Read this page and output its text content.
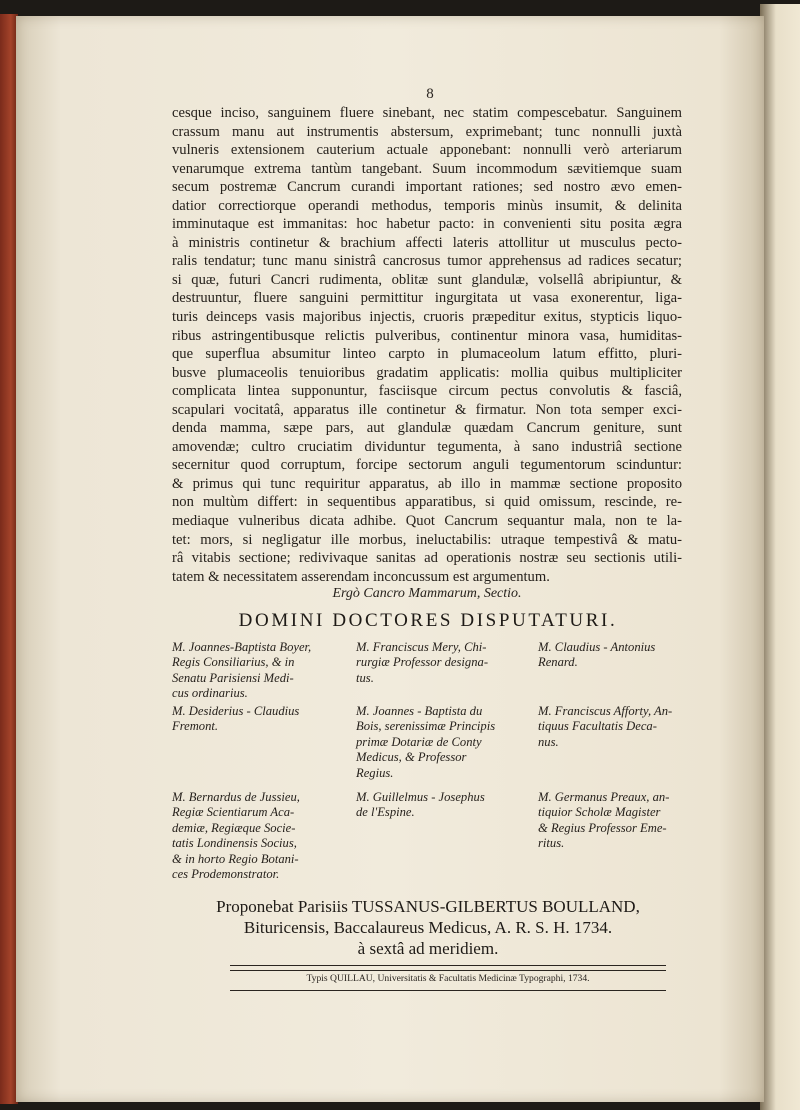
8
cesque inciso, sanguinem fluere sinebant, nec statim compescebatur. Sanguinem
crassum manu aut instrumentis abstersum, exprimebant; tunc nonnulli juxtà
vulneris extensionem cauterium actuale apponebant: nonnulli verò arteriarum
venarumque extrema tantùm tangebant. Suum incommodum sævitiemque suam
secum postremæ Cancrum curandi important rationes; sed nostro ævo emen-
datior correctiorque operandi methodus, temporis minùs insumit, & delinita
imminutaque est immanitas: hoc habetur pacto: in convenienti situ posita ægra
à ministris continetur & brachium affecti lateris attollitur ut musculus pecto-
ralis tendatur; tunc manu sinistrâ cancrosus tumor apprehensus ad radices secatur;
si quæ, futuri Cancri rudimenta, oblitæ sunt glandulæ, volsellâ abripiuntur, &
destruuntur, fluere sanguini permittitur ingurgitata ut vasa exonerentur, liga-
turis deinceps vasis majoribus injectis, cruoris præpeditur exitus, stypticis liquo-
ribus astringentibusque relictis pulveribus, continentur minora vasa, humiditas-
que superflua absumitur linteo carpto in plumaceolum latum effitto, pluri-
busve plumaceolis tenuioribus gradatim applicatis: mollia quibus multipliciter
complicata lintea supponuntur, fasciisque circum pectus convolutis & fasciâ,
scapulari vocitatâ, apparatus ille continetur & firmatur. Non tota semper exci-
denda mamma, sæpe pars, aut glandulæ quædam Cancrum geniture, sunt
amovendæ; cultro cruciatim dividuntur tegumenta, à sano industriâ sectione
secernitur quod corruptum, forcipe sectorum anguli tegumentorum scinduntur:
& primus qui tunc requiritur apparatus, ab illo in mammæ sectione proposito
non multùm differt: in sequentibus apparatibus, si quid omissum, rescinde, re-
mediaque vulneribus dicata adhibe. Quot Cancrum sequantur mala, non te la-
tet: mors, si negligatur ille morbus, ineluctabilis: utraque tempestivâ & matu-
râ vitabis sectione; redivivaque sanitas ad operationis nostræ seu sectionis utili-
tatem & necessitatem asserendam inconcussum est argumentum.
Ergò Cancro Mammarum, Sectio.
DOMINI DOCTORES DISPUTATURI.
M. Joannes-Baptista Boyer,
Regis Consiliarius, & in
Senatu Parisiensi Medi-
cus ordinarius.
M. Franciscus Mery, Chi-
rurgiæ Professor designa-
tus.
M. Claudius - Antonius
Renard.
M. Desiderius - Claudius
Fremont.
M. Joannes - Baptista du
Bois, serenissimæ Principis
primæ Dotariæ de Conty
Medicus, & Professor
Regius.
M. Franciscus Afforty, An-
tiquus Facultatis Deca-
nus.
M. Bernardus de Jussieu,
Regiæ Scientiarum Aca-
demiæ, Regiæque Socie-
tatis Londinensis Socius,
& in horto Regio Botani-
ces Prodemonstrator.
M. Guillelmus - Josephus
de l'Espine.
M. Germanus Preaux, an-
tiquior Scholæ Magister
& Regius Professor Eme-
ritus.
Proponebat Parisiis TUSSANUS-GILBERTUS BOULLAND,
Bituricensis, Baccalaureus Medicus, A. R. S. H. 1734.
à sextâ ad meridiem.
Typis QUILLAU, Universitatis & Facultatis Medicinæ Typographi, 1734.
